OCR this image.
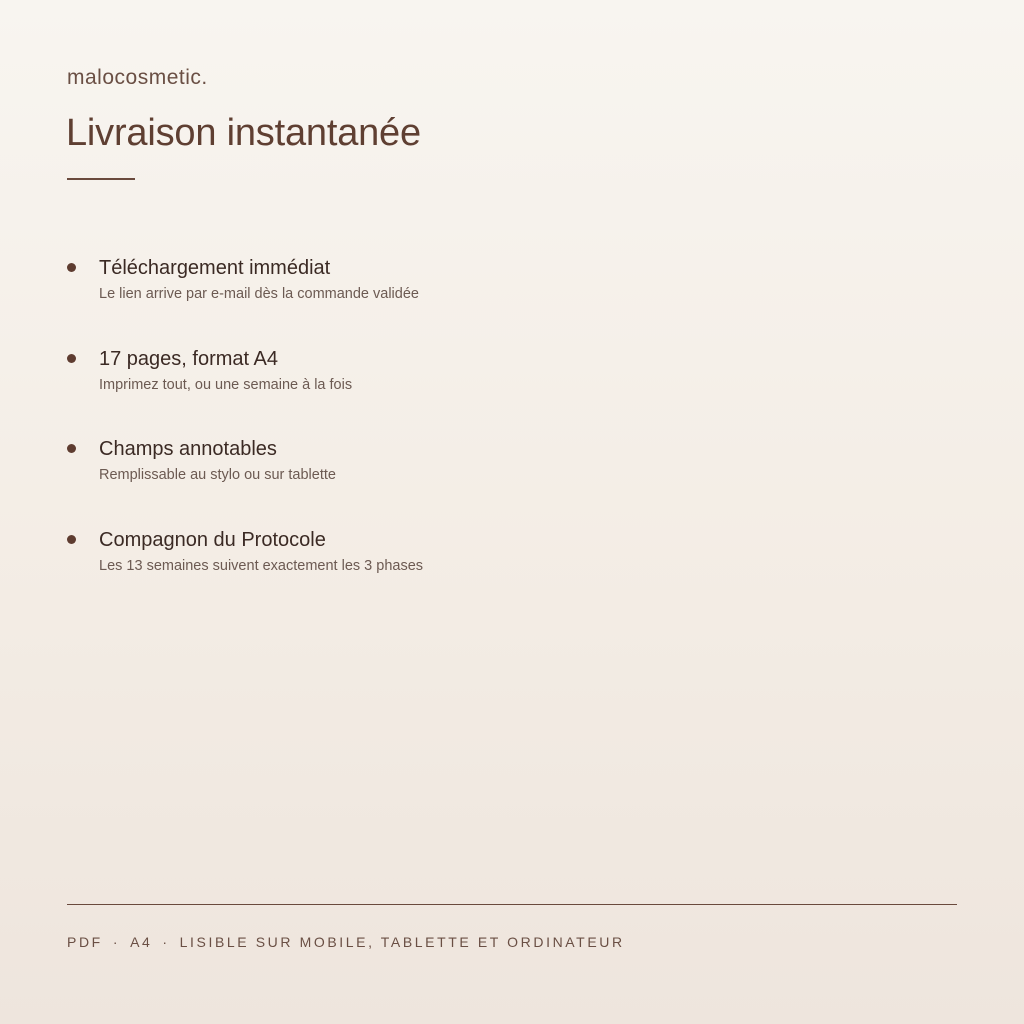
malocosmetic.
Livraison instantanée
Téléchargement immédiat
Le lien arrive par e-mail dès la commande validée
17 pages, format A4
Imprimez tout, ou une semaine à la fois
Champs annotables
Remplissable au stylo ou sur tablette
Compagnon du Protocole
Les 13 semaines suivent exactement les 3 phases
PDF · A4 · LISIBLE SUR MOBILE, TABLETTE ET ORDINATEUR
